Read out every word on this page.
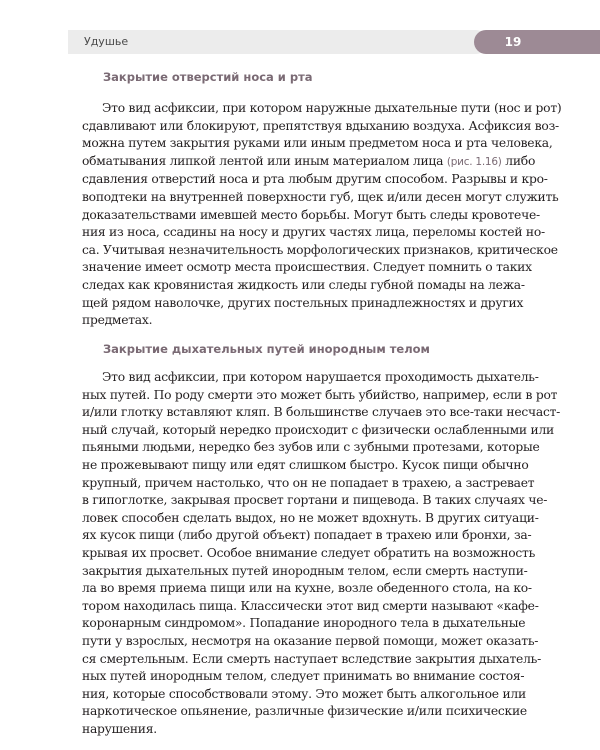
Удушье	19
Закрытие отверстий носа и рта
Это вид асфиксии, при котором наружные дыхательные пути (нос и рот)
сдавливают или блокируют, препятствуя вдыханию воздуха. Асфиксия воз-
можна путем закрытия руками или иным предметом носа и рта человека,
обматывания липкой лентой или иным материалом лица (рис. 1.16) либо
сдавления отверстий носа и рта любым другим способом. Разрывы и кро-
воподтеки на внутренней поверхности губ, щек и/или десен могут служить
доказательствами имевшей место борьбы. Могут быть следы кровотече-
ния из носа, ссадины на носу и других частях лица, переломы костей но-
са. Учитывая незначительность морфологических признаков, критическое
значение имеет осмотр места происшествия. Следует помнить о таких
следах как кровянистая жидкость или следы губной помады на лежа-
щей рядом наволочке, других постельных принадлежностях и других
предметах.
Закрытие дыхательных путей инородным телом
Это вид асфиксии, при котором нарушается проходимость дыхатель-
ных путей. По роду смерти это может быть убийство, например, если в рот
и/или глотку вставляют кляп. В большинстве случаев это все-таки несчаст-
ный случай, который нередко происходит с физически ослабленными или
пьяными людьми, нередко без зубов или с зубными протезами, которые
не прожевывают пищу или едят слишком быстро. Кусок пищи обычно
крупный, причем настолько, что он не попадает в трахею, а застревает
в гипоглотке, закрывая просвет гортани и пищевода. В таких случаях че-
ловек способен сделать выдох, но не может вдохнуть. В других ситуаци-
ях кусок пищи (либо другой объект) попадает в трахею или бронхи, за-
крывая их просвет. Особое внимание следует обратить на возможность
закрытия дыхательных путей инородным телом, если смерть наступи-
ла во время приема пищи или на кухне, возле обеденного стола, на ко-
тором находилась пища. Классически этот вид смерти называют «кафе-
коронарным синдромом». Попадание инородного тела в дыхательные
пути у взрослых, несмотря на оказание первой помощи, может оказать-
ся смертельным. Если смерть наступает вследствие закрытия дыхатель-
ных путей инородным телом, следует принимать во внимание состоя-
ния, которые способствовали этому. Это может быть алкогольное или
наркотическое опьянение, различные физические и/или психические
нарушения.
